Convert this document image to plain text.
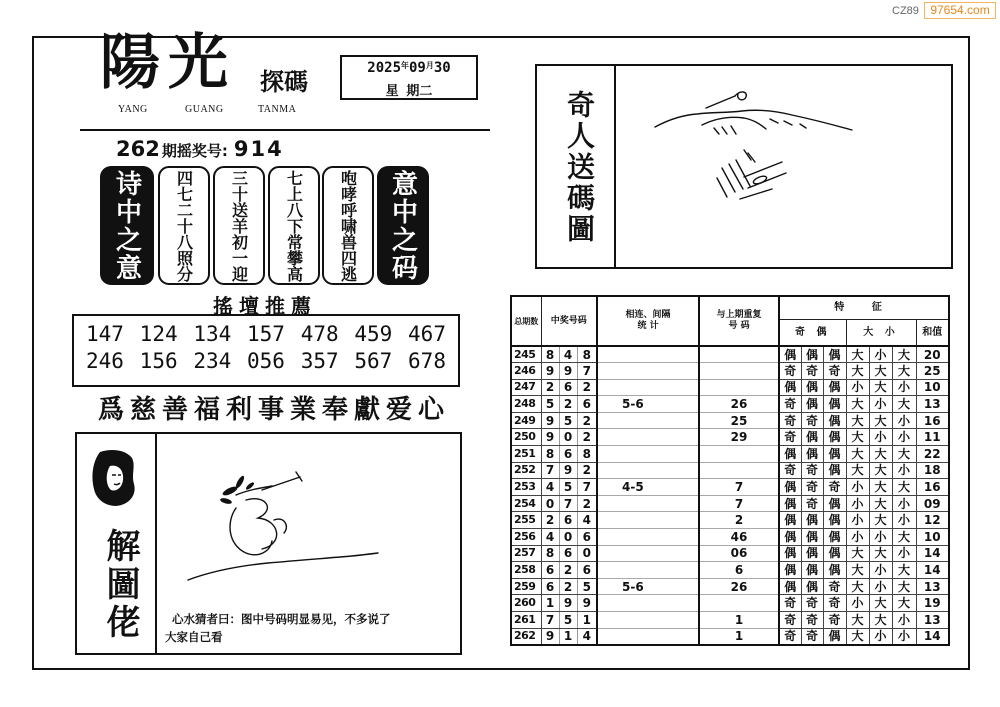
CZ89 97654.com
陽光 探碼
YANG	GUANG	TANMA
$2025^年09^月30$
星 期二
262 期摇奖号: 914
诗中之意 四七二十八照分 三十送羊初一迎 七上八下常攀高 咆哮呼啸兽四逃 意中之码
搖壇推薦
147 124 134 157 478 459 467
246 156 234 056 357 567 678
爲慈善福利事業奉獻爱心
解圖佬	心水猜者曰：图中号码明显易见，不多说了
大家自己看
奇人送碼圖
总期数	中奖号码			相连、间隔
统 计	与上期重复
号 码	特 征						
						奇 偶			大 小			和值
245	8	4	8			偶	偶	偶	大	小	大	20
246	9	9	7			奇	奇	奇	大	大	大	25
247	2	6	2			偶	偶	偶	小	大	小	10
248	5	2	6	5-6	26	奇	偶	偶	大	小	大	13
249	9	5	2		25	奇	奇	偶	大	大	小	16
250	9	0	2		29	奇	偶	偶	大	小	小	11
251	8	6	8			偶	偶	偶	大	大	大	22
252	7	9	2			奇	奇	偶	大	大	小	18
253	4	5	7	4-5	7	偶	奇	奇	小	大	大	16
254	0	7	2		7	偶	奇	偶	小	大	小	09
255	2	6	4		2	偶	偶	偶	小	大	小	12
256	4	0	6		46	偶	偶	偶	小	小	大	10
257	8	6	0		06	偶	偶	偶	大	大	小	14
258	6	2	6		6	偶	偶	偶	大	小	大	14
259	6	2	5	5-6	26	偶	偶	奇	大	小	大	13
260	1	9	9			奇	奇	奇	小	大	大	19
261	7	5	1		1	奇	奇	奇	大	大	小	13
262	9	1	4		1	奇	奇	偶	大	小	小	14
